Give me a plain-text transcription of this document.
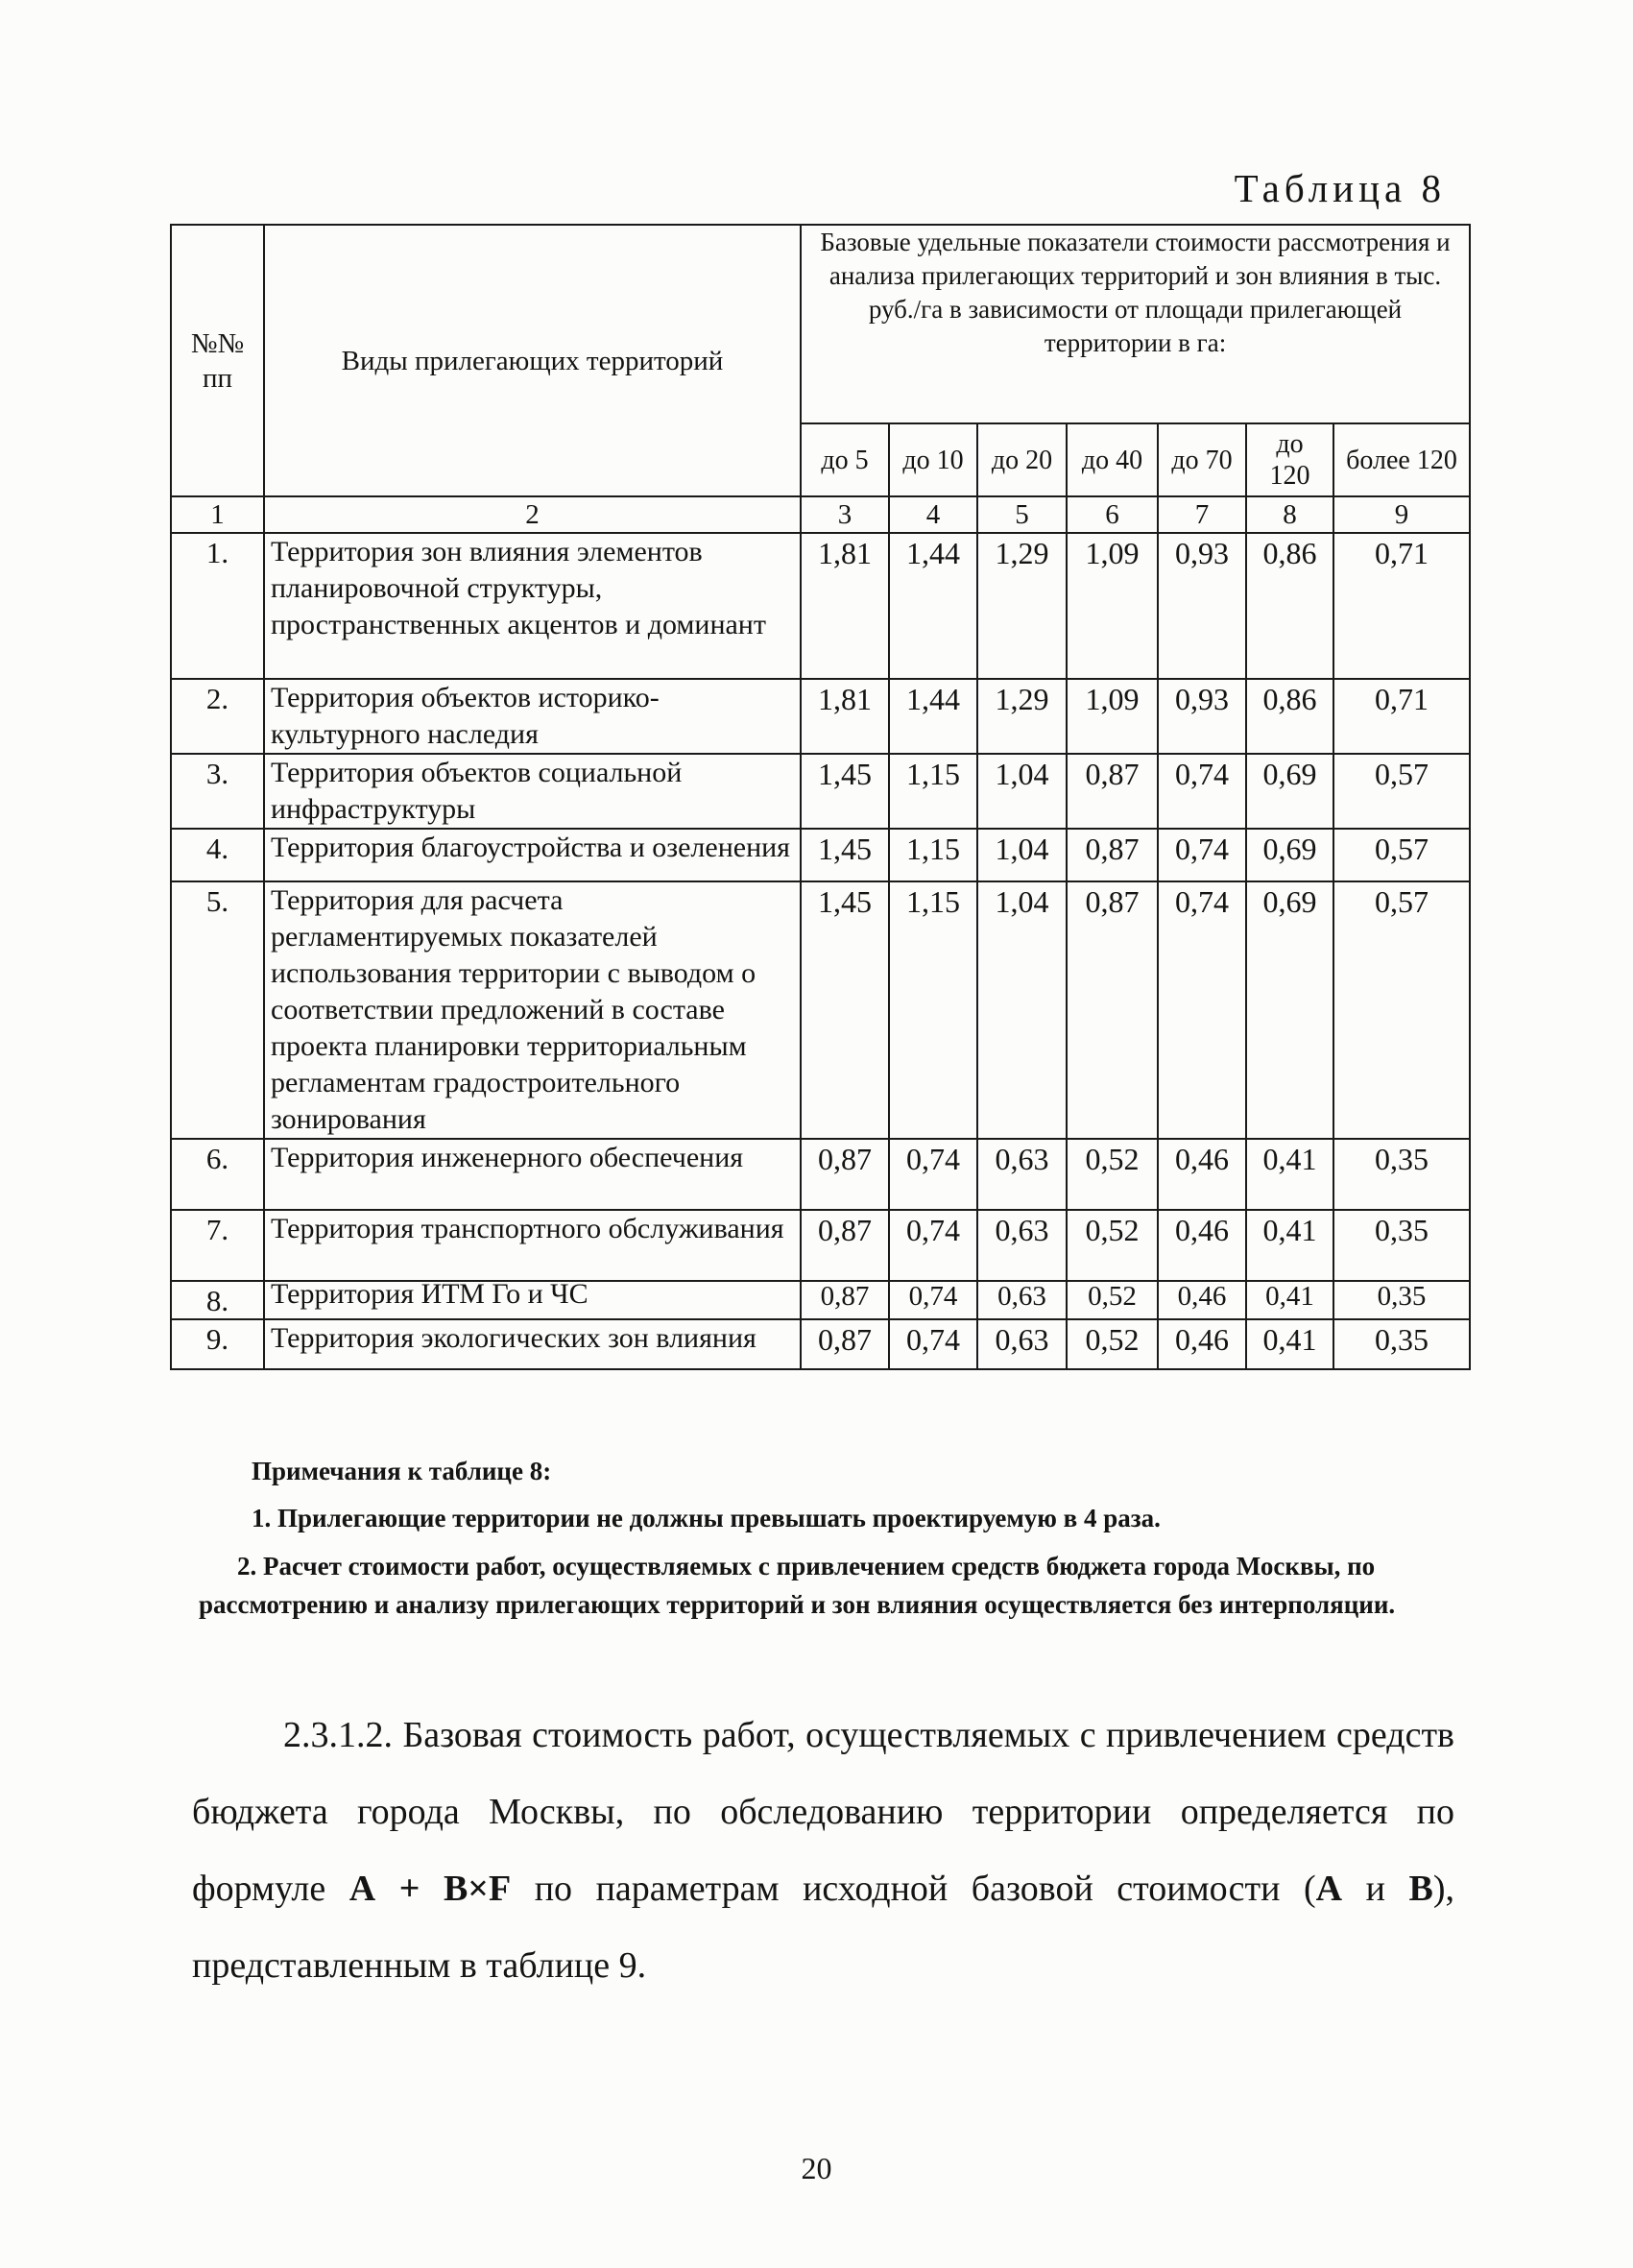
Таблица 8
№№ пп	Виды прилегающих территорий	Базовые удельные показатели стоимости рассмотрения и анализа прилегающих территорий и зон влияния в тыс. руб./га в зависимости от площади прилегающей территории в га:						
		до 5	до 10	до 20	до 40	до 70	до 120	более 120
1	2	3	4	5	6	7	8	9
1.	Территория зон влияния элементов планировочной структуры, пространственных акцентов и доминант	1,81	1,44	1,29	1,09	0,93	0,86	0,71
2.	Территория объектов историко-культурного наследия	1,81	1,44	1,29	1,09	0,93	0,86	0,71
3.	Территория объектов социальной инфраструктуры	1,45	1,15	1,04	0,87	0,74	0,69	0,57
4.	Территория благоустройства и озеленения	1,45	1,15	1,04	0,87	0,74	0,69	0,57
5.	Территория для расчета регламентируемых показателей использования территории с выводом о соответствии предложений в составе проекта планировки территориальным регламентам градостроительного зонирования	1,45	1,15	1,04	0,87	0,74	0,69	0,57
6.	Территория инженерного обеспечения	0,87	0,74	0,63	0,52	0,46	0,41	0,35
7.	Территория транспортного обслуживания	0,87	0,74	0,63	0,52	0,46	0,41	0,35
8.	Территория ИТМ Го и ЧС	0,87	0,74	0,63	0,52	0,46	0,41	0,35
9.	Территория экологических зон влияния	0,87	0,74	0,63	0,52	0,46	0,41	0,35
Примечания к таблице 8:
1. Прилегающие территории не должны превышать проектируемую в 4 раза.
2. Расчет стоимости работ, осуществляемых с привлечением средств бюджета города Москвы, по рассмотрению и анализу прилегающих территорий и зон влияния осуществляется без интерполяции.
2.3.1.2. Базовая стоимость работ, осуществляемых с привлечением средств бюджета города Москвы, по обследованию территории определяется по формуле А + В×F по параметрам исходной базовой стоимости (А и В), представленным в таблице 9.
20
